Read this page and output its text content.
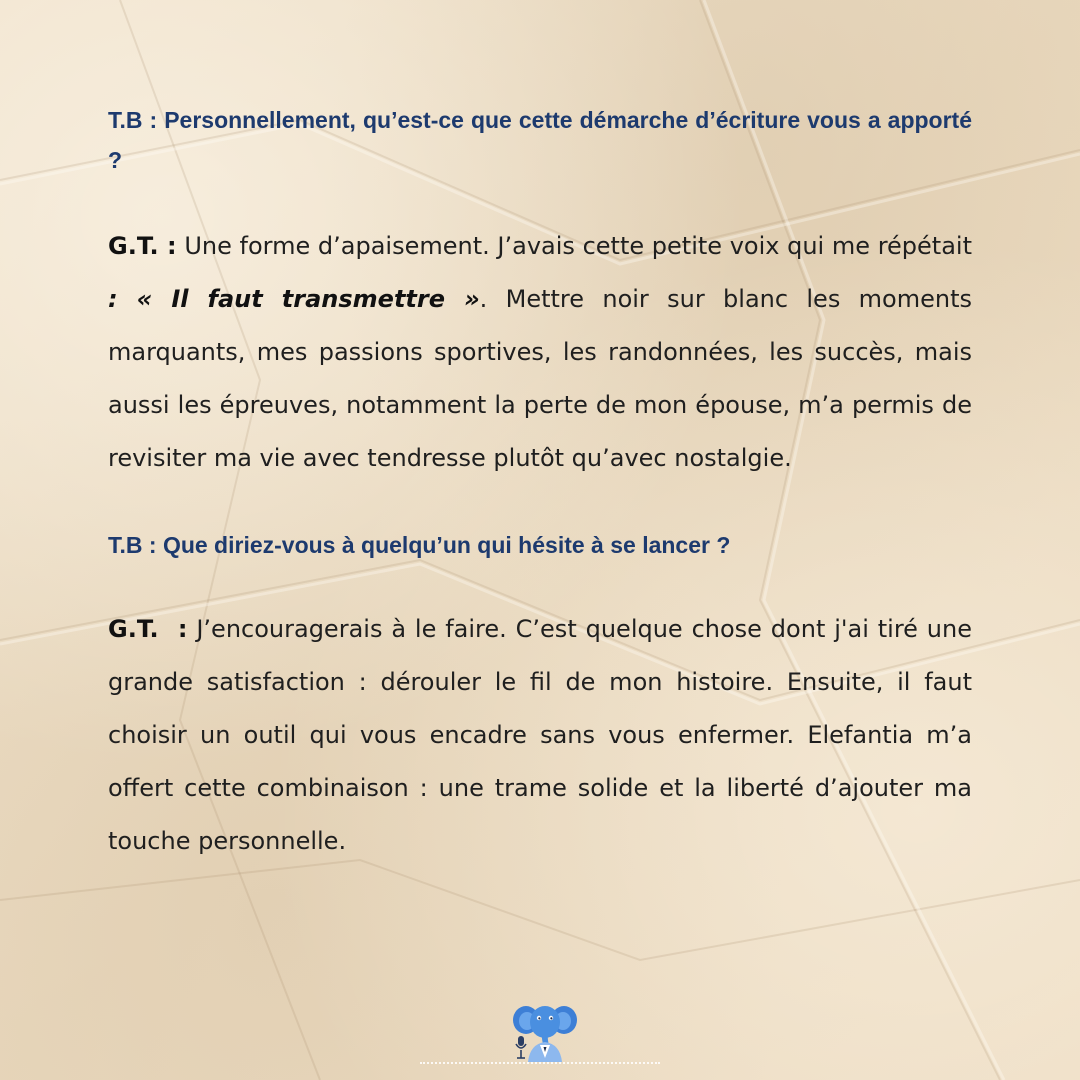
T.B : Personnellement, qu’est-ce que cette démarche d’écriture vous a apporté ?

G.T. : Une forme d’apaisement. J’avais cette petite voix qui me répétait : « Il faut transmettre ». Mettre noir sur blanc les moments marquants, mes passions sportives, les randonnées, les succès, mais aussi les épreuves, notamment la perte de mon épouse, m’a permis de revisiter ma vie avec tendresse plutôt qu’avec nostalgie.

T.B : Que diriez-vous à quelqu’un qui hésite à se lancer ?

G.T.  : J’encouragerais à le faire. C’est quelque chose dont j'ai tiré une grande satisfaction : dérouler le fil de mon histoire. Ensuite, il faut choisir un outil qui vous encadre sans vous enfermer. Elefantia m’a offert cette combinaison : une trame solide et la liberté d’ajouter ma touche personnelle.
